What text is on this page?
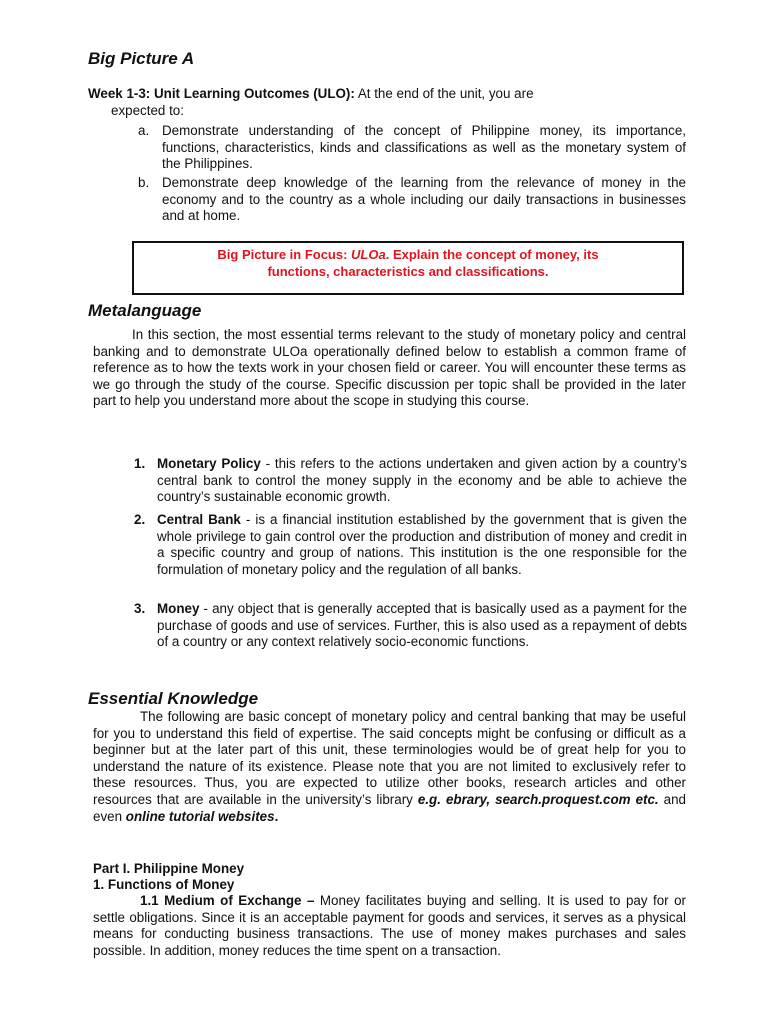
Big Picture A
Week 1-3: Unit Learning Outcomes (ULO): At the end of the unit, you are
expected to:
a. Demonstrate understanding of the concept of Philippine money, its importance, functions, characteristics, kinds and classifications as well as the monetary system of the Philippines.
b. Demonstrate deep knowledge of the learning from the relevance of money in the economy and to the country as a whole including our daily transactions in businesses and at home.
Big Picture in Focus: ULOa. Explain the concept of money, its
functions, characteristics and classifications.
Metalanguage
In this section, the most essential terms relevant to the study of monetary policy and central banking and to demonstrate ULOa operationally defined below to establish a common frame of reference as to how the texts work in your chosen field or career. You will encounter these terms as we go through the study of the course. Specific discussion per topic shall be provided in the later part to help you understand more about the scope in studying this course.
1. Monetary Policy - this refers to the actions undertaken and given action by a country’s central bank to control the money supply in the economy and be able to achieve the country’s sustainable economic growth.
2. Central Bank - is a financial institution established by the government that is given the whole privilege to gain control over the production and distribution of money and credit in a specific country and group of nations. This institution is the one responsible for the formulation of monetary policy and the regulation of all banks.
3. Money - any object that is generally accepted that is basically used as a payment for the purchase of goods and use of services. Further, this is also used as a repayment of debts of a country or any context relatively socio-economic functions.
Essential Knowledge
The following are basic concept of monetary policy and central banking that may be useful for you to understand this field of expertise. The said concepts might be confusing or difficult as a beginner but at the later part of this unit, these terminologies would be of great help for you to understand the nature of its existence. Please note that you are not limited to exclusively refer to these resources. Thus, you are expected to utilize other books, research articles and other resources that are available in the university’s library e.g. ebrary, search.proquest.com etc. and even online tutorial websites.
Part I. Philippine Money
1. Functions of Money
1.1 Medium of Exchange – Money facilitates buying and selling. It is used to pay for or settle obligations. Since it is an acceptable payment for goods and services, it serves as a physical means for conducting business transactions. The use of money makes purchases and sales possible. In addition, money reduces the time spent on a transaction.
